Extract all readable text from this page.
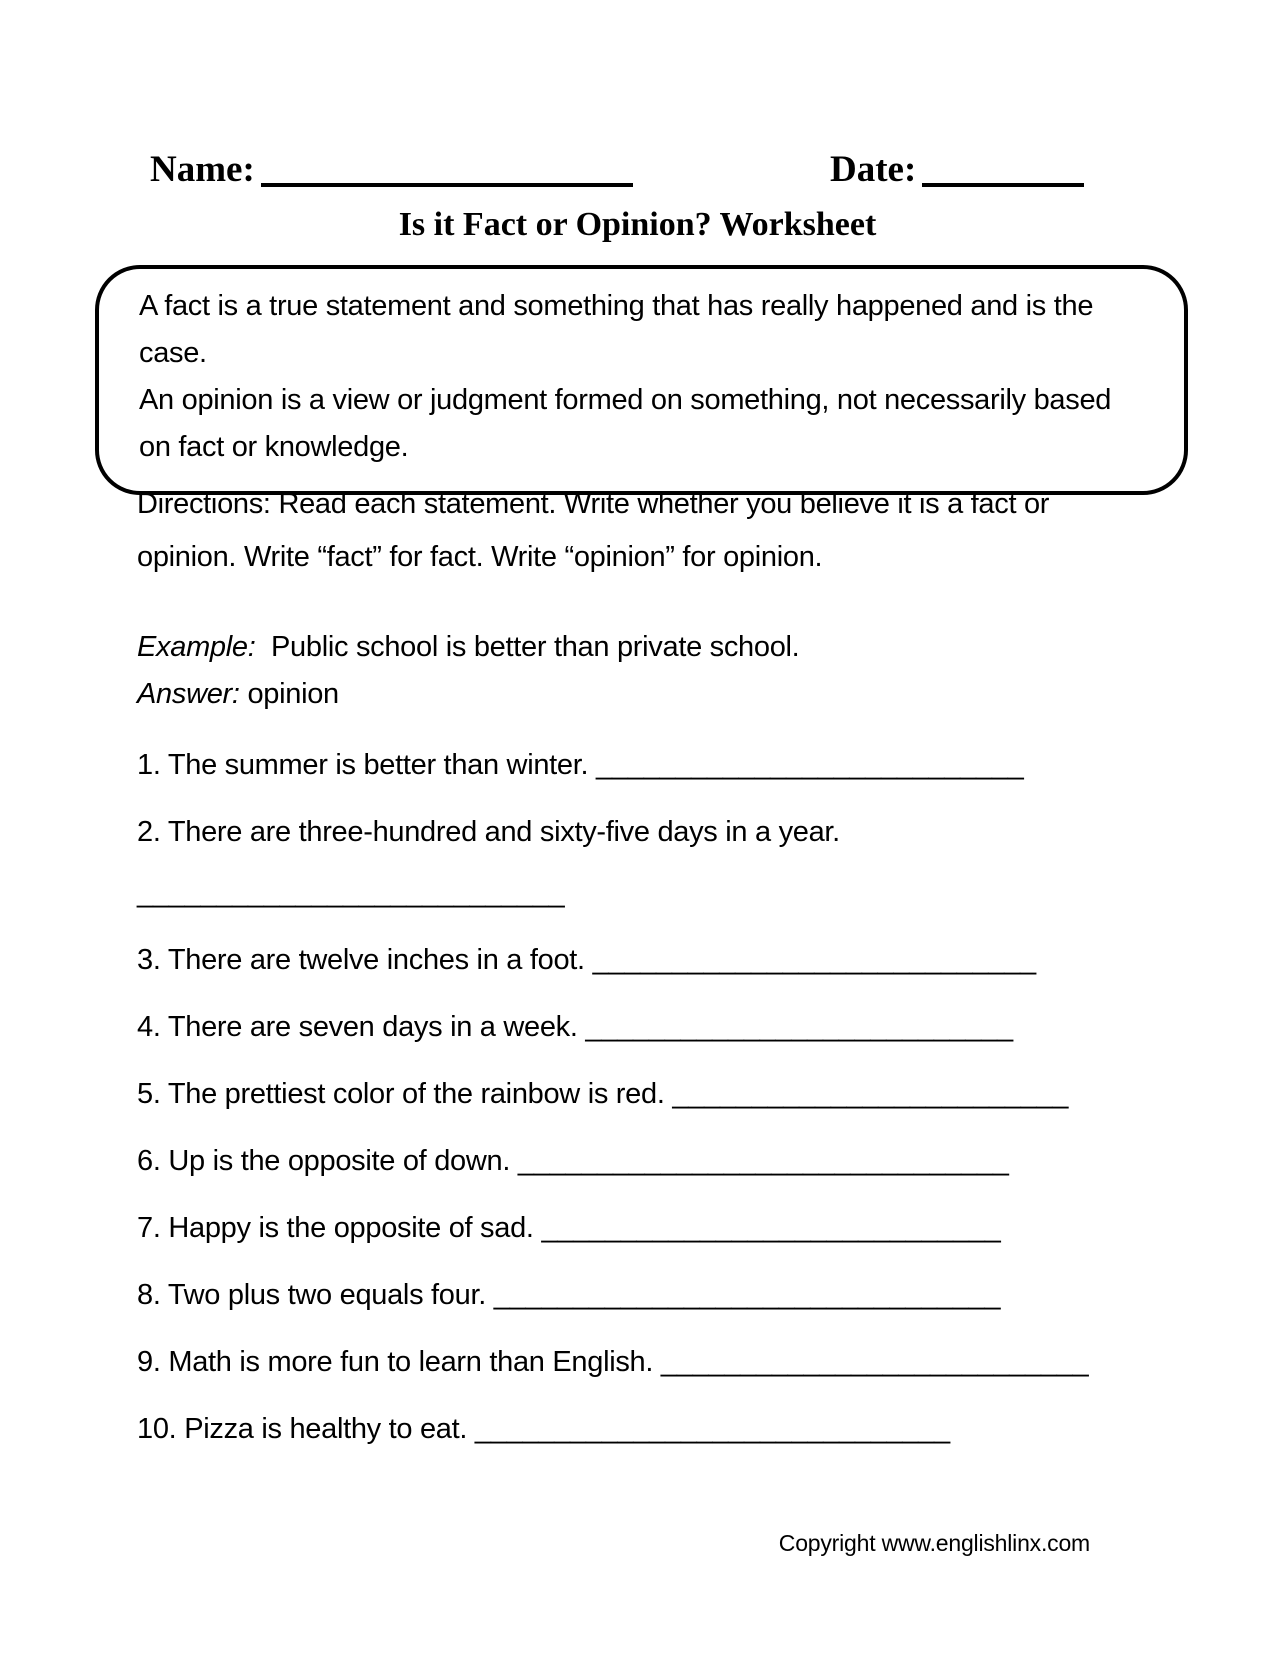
Name:	Date:
Is it Fact or Opinion? Worksheet

A fact is a true statement and something that has really happened and is the case.

An opinion is a view or judgment formed on something, not necessarily based on fact or knowledge.

Directions: Read each statement. Write whether you believe it is a fact or opinion. Write “fact” for fact. Write “opinion” for opinion.

Example: Public school is better than private school.
Answer: opinion
1. The summer is better than winter. ___________________________
2. There are three-hundred and sixty-five days in a year.
___________________________
3. There are twelve inches in a foot. ____________________________
4. There are seven days in a week. ___________________________
5. The prettiest color of the rainbow is red. _________________________
6. Up is the opposite of down. _______________________________
7. Happy is the opposite of sad. _____________________________
8. Two plus two equals four. ________________________________
9. Math is more fun to learn than English. ___________________________
10. Pizza is healthy to eat. ______________________________
Copyright www.englishlinx.com
